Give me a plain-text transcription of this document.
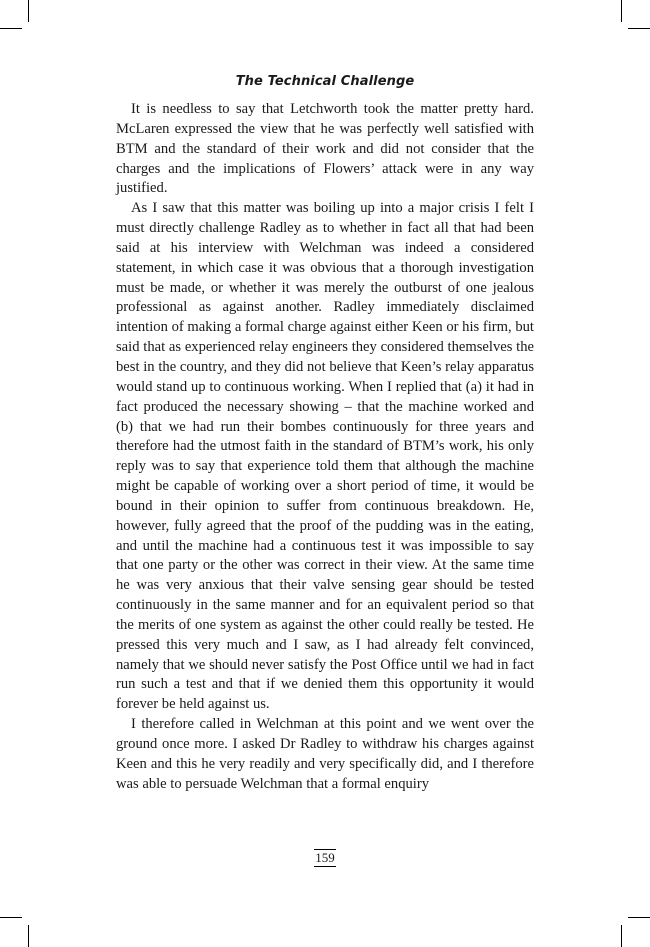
The Technical Challenge

It is needless to say that Letchworth took the matter pretty hard. McLaren expressed the view that he was perfectly well satisfied with BTM and the standard of their work and did not consider that the charges and the implications of Flowers’ attack were in any way justified.

As I saw that this matter was boiling up into a major crisis I felt I must directly challenge Radley as to whether in fact all that had been said at his interview with Welchman was indeed a considered statement, in which case it was obvious that a thorough investigation must be made, or whether it was merely the outburst of one jealous professional as against another. Radley immediately disclaimed intention of making a formal charge against either Keen or his firm, but said that as experienced relay engineers they considered themselves the best in the country, and they did not believe that Keen’s relay apparatus would stand up to continuous working. When I replied that (a) it had in fact produced the necessary showing – that the machine worked and (b) that we had run their bombes continuously for three years and therefore had the utmost faith in the standard of BTM’s work, his only reply was to say that experience told them that although the machine might be capable of working over a short period of time, it would be bound in their opinion to suffer from continuous breakdown. He, however, fully agreed that the proof of the pudding was in the eating, and until the machine had a continuous test it was impossible to say that one party or the other was correct in their view. At the same time he was very anxious that their valve sensing gear should be tested continuously in the same manner and for an equivalent period so that the merits of one system as against the other could really be tested. He pressed this very much and I saw, as I had already felt convinced, namely that we should never satisfy the Post Office until we had in fact run such a test and that if we denied them this opportunity it would forever be held against us.

I therefore called in Welchman at this point and we went over the ground once more. I asked Dr Radley to withdraw his charges against Keen and this he very readily and very specifically did, and I therefore was able to persuade Welchman that a formal enquiry

159
